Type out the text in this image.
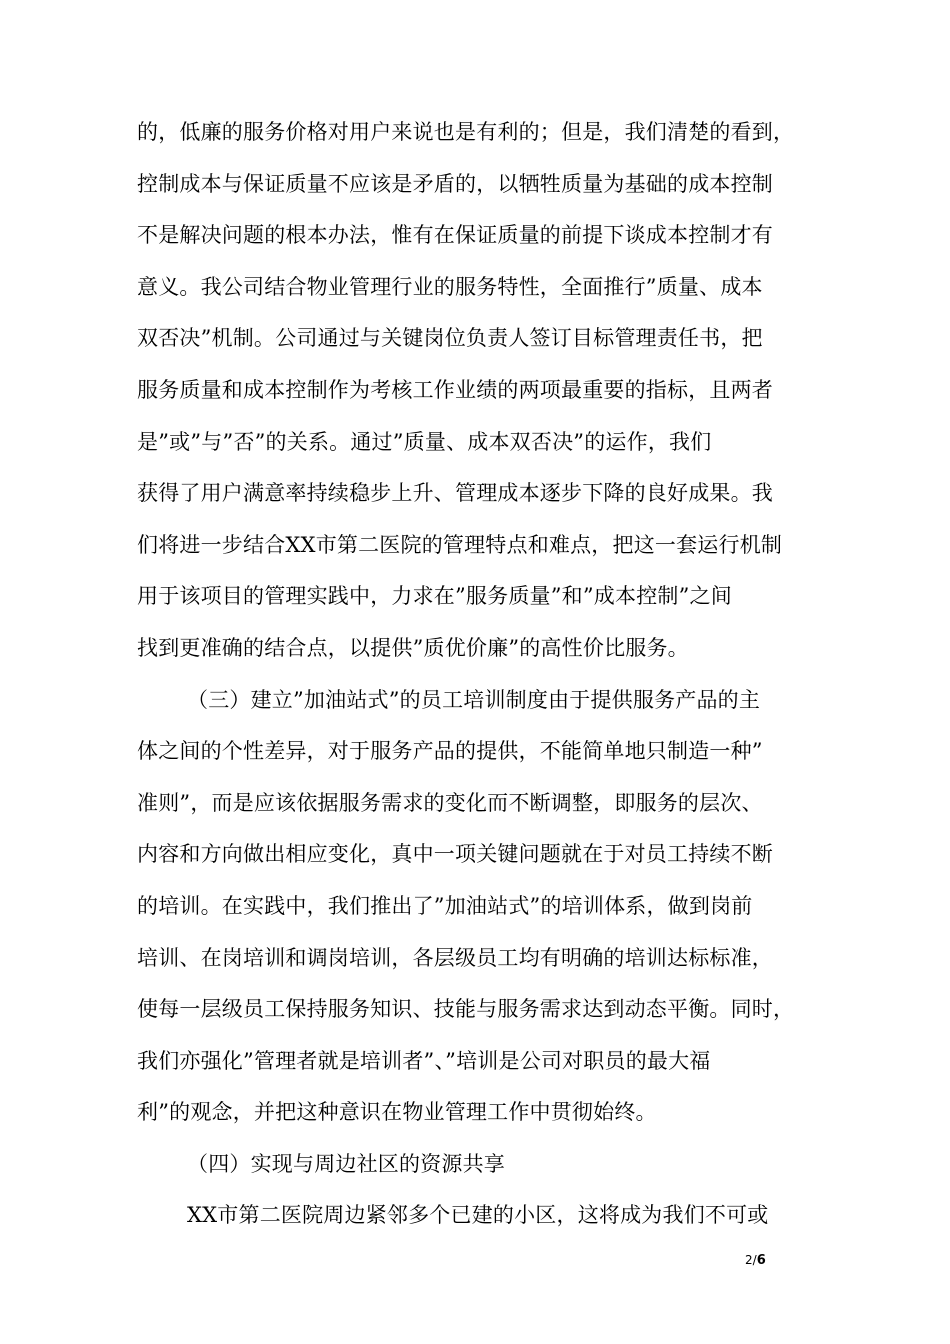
的，低廉的服务价格对用户来说也是有利的；但是，我们清楚的看到，
控制成本与保证质量不应该是矛盾的，以牺牲质量为基础的成本控制
不是解决问题的根本办法，惟有在保证质量的前提下谈成本控制才有
意义。我公司结合物业管理行业的服务特性，全面推行”质量、成本
双否决”机制。公司通过与关键岗位负责人签订目标管理责任书，把
服务质量和成本控制作为考核工作业绩的两项最重要的指标，且两者
是”或”与”否”的关系。通过”质量、成本双否决”的运作，我们
获得了用户满意率持续稳步上升、管理成本逐步下降的良好成果。我
们将进一步结合XX市第二医院的管理特点和难点，把这一套运行机制
用于该项目的管理实践中，力求在”服务质量”和”成本控制”之间
找到更准确的结合点，以提供”质优价廉”的高性价比服务。
（三）建立”加油站式”的员工培训制度由于提供服务产品的主
体之间的个性差异，对于服务产品的提供，不能简单地只制造一种”
准则”，而是应该依据服务需求的变化而不断调整，即服务的层次、
内容和方向做出相应变化，真中一项关键问题就在于对员工持续不断
的培训。在实践中，我们推出了”加油站式”的培训体系，做到岗前
培训、在岗培训和调岗培训，各层级员工均有明确的培训达标标准，
使每一层级员工保持服务知识、技能与服务需求达到动态平衡。同时，
我们亦强化”管理者就是培训者”、”培训是公司对职员的最大福
利”的观念，并把这种意识在物业管理工作中贯彻始终。
（四）实现与周边社区的资源共享
XX市第二医院周边紧邻多个已建的小区，这将成为我们不可或
2/6
